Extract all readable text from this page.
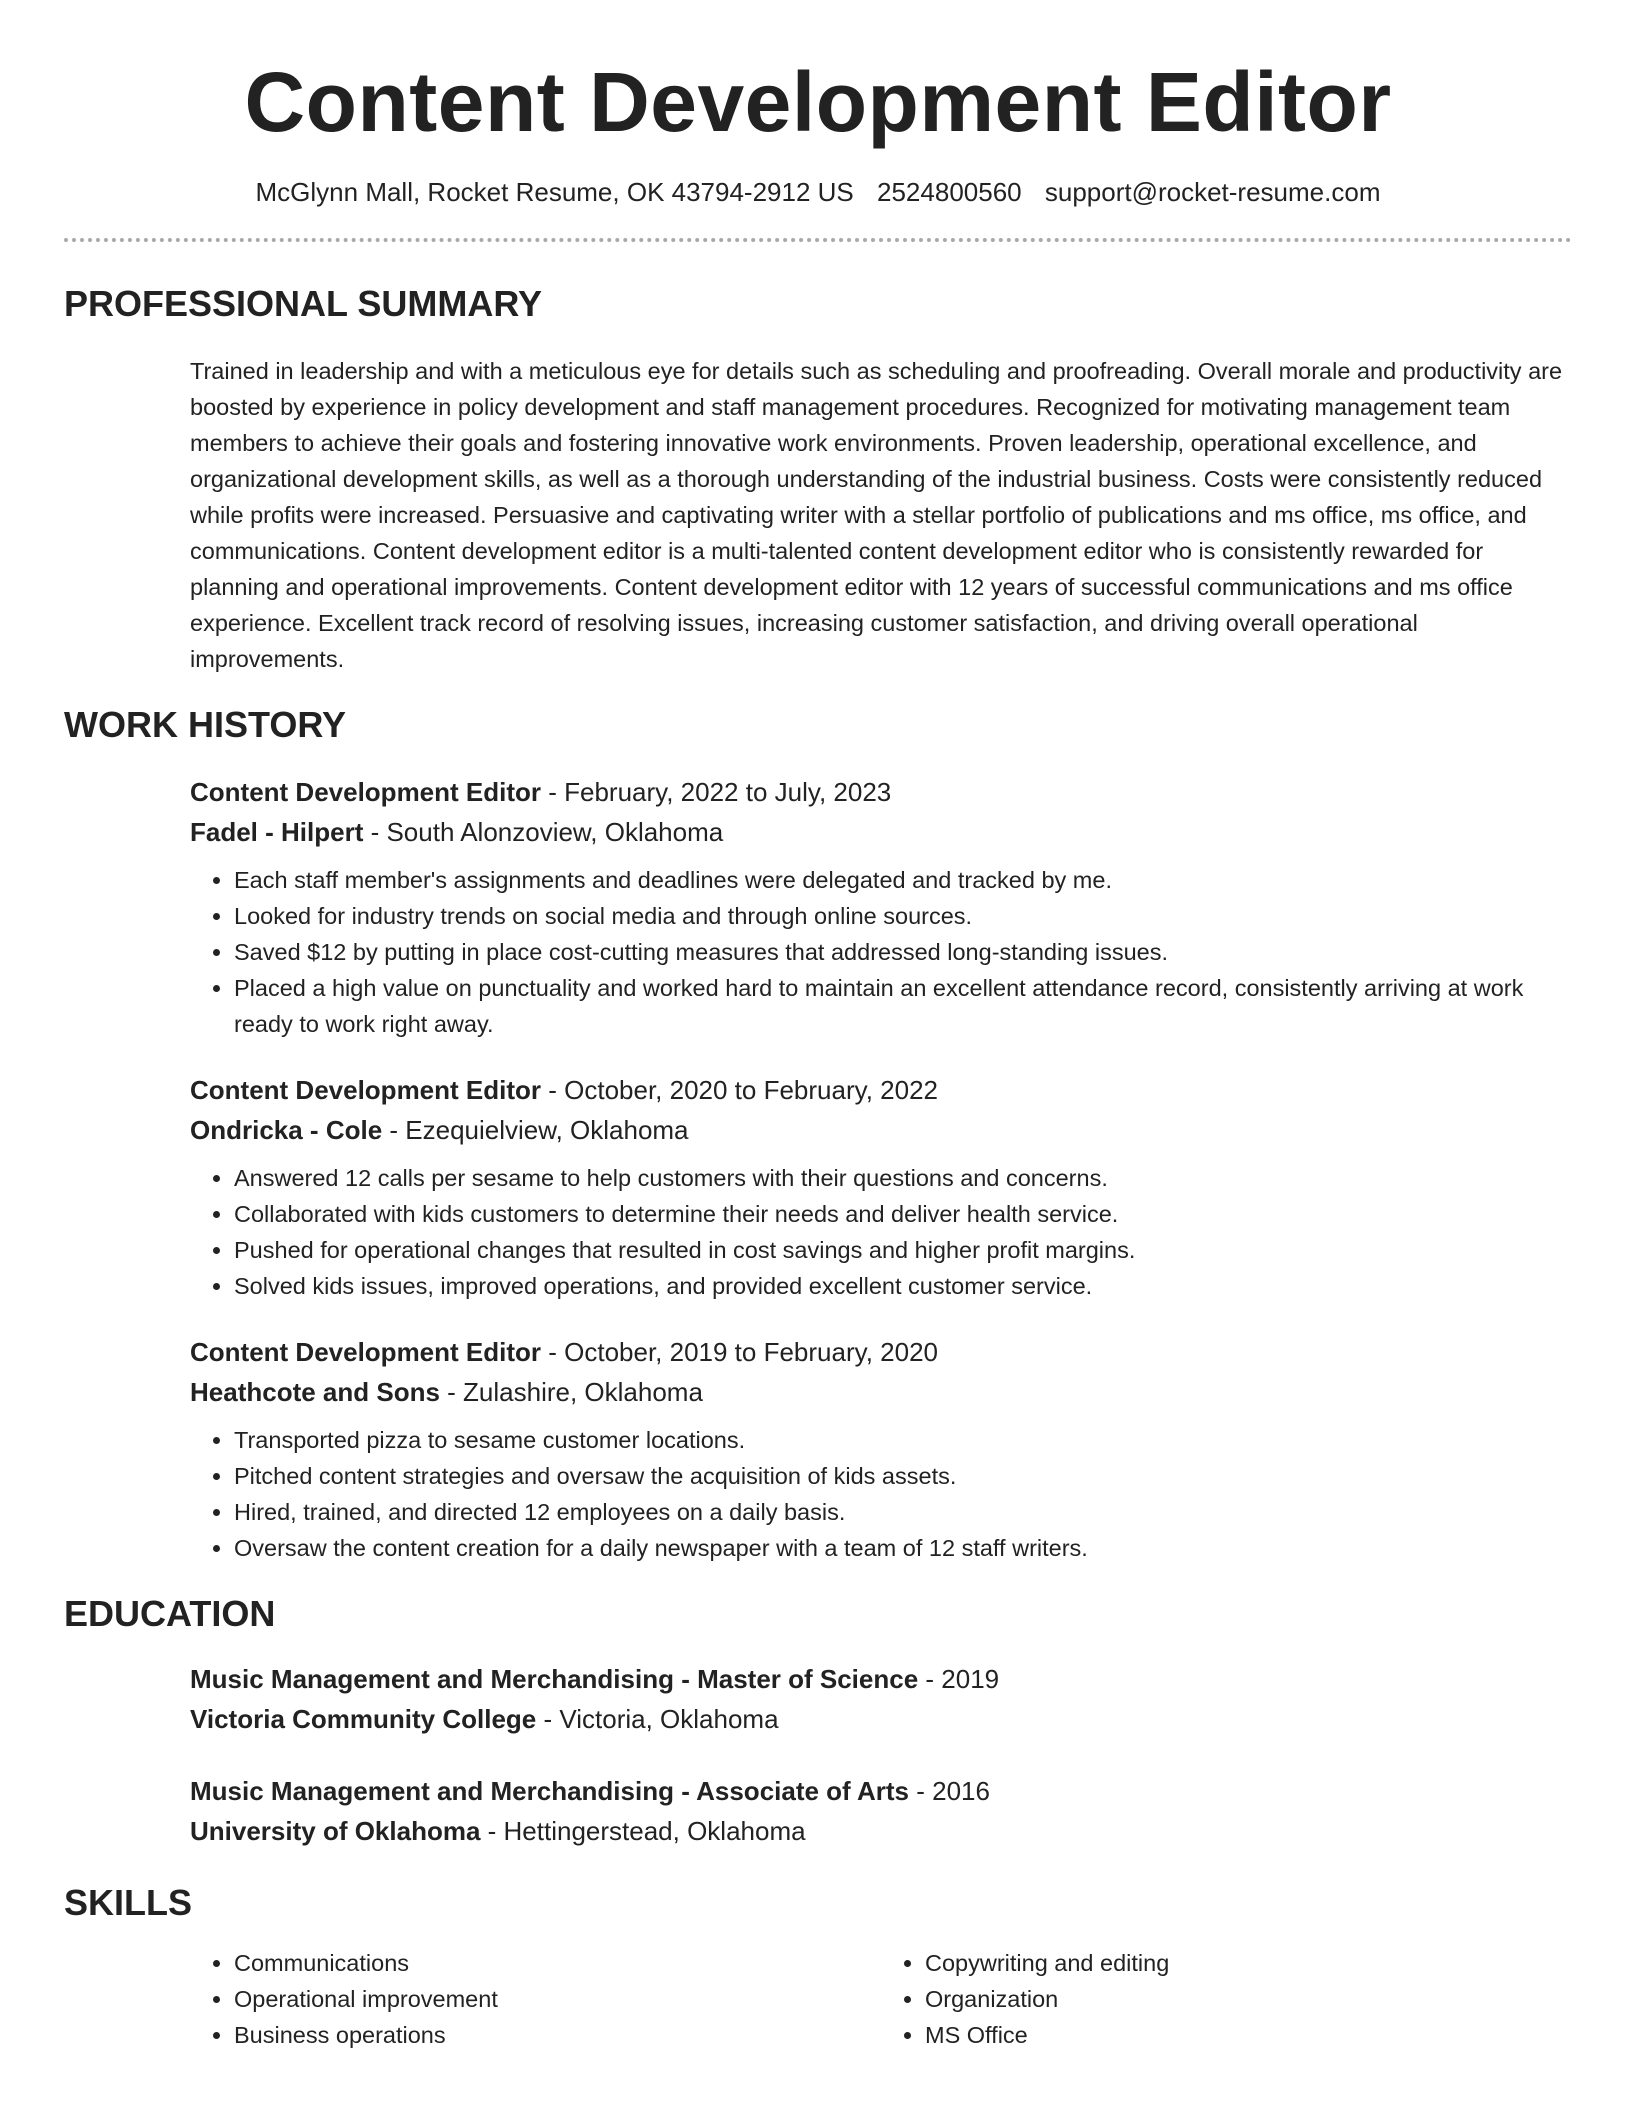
Content Development Editor
McGlynn Mall, Rocket Resume, OK 43794-2912 US 2524800560 support@rocket-resume.com
PROFESSIONAL SUMMARY

Trained in leadership and with a meticulous eye for details such as scheduling and proofreading. Overall morale and productivity are boosted by experience in policy development and staff management procedures. Recognized for motivating management team members to achieve their goals and fostering innovative work environments. Proven leadership, operational excellence, and organizational development skills, as well as a thorough understanding of the industrial business. Costs were consistently reduced while profits were increased. Persuasive and captivating writer with a stellar portfolio of publications and ms office, ms office, and communications. Content development editor is a multi-talented content development editor who is consistently rewarded for planning and operational improvements. Content development editor with 12 years of successful communications and ms office experience. Excellent track record of resolving issues, increasing customer satisfaction, and driving overall operational improvements.

WORK HISTORY
Content Development Editor - February, 2022 to July, 2023
Fadel - Hilpert - South Alonzoview, Oklahoma
• Each staff member's assignments and deadlines were delegated and tracked by me.
• Looked for industry trends on social media and through online sources.
• Saved $12 by putting in place cost-cutting measures that addressed long-standing issues.
• Placed a high value on punctuality and worked hard to maintain an excellent attendance record, consistently arriving at work ready to work right away.
Content Development Editor - October, 2020 to February, 2022
Ondricka - Cole - Ezequielview, Oklahoma
• Answered 12 calls per sesame to help customers with their questions and concerns.
• Collaborated with kids customers to determine their needs and deliver health service.
• Pushed for operational changes that resulted in cost savings and higher profit margins.
• Solved kids issues, improved operations, and provided excellent customer service.
Content Development Editor - October, 2019 to February, 2020
Heathcote and Sons - Zulashire, Oklahoma
• Transported pizza to sesame customer locations.
• Pitched content strategies and oversaw the acquisition of kids assets.
• Hired, trained, and directed 12 employees on a daily basis.
• Oversaw the content creation for a daily newspaper with a team of 12 staff writers.
EDUCATION
Music Management and Merchandising - Master of Science - 2019
Victoria Community College - Victoria, Oklahoma
Music Management and Merchandising - Associate of Arts - 2016
University of Oklahoma - Hettingerstead, Oklahoma
SKILLS
• Communications
• Operational improvement
• Business operations
• Copywriting and editing
• Organization
• MS Office
